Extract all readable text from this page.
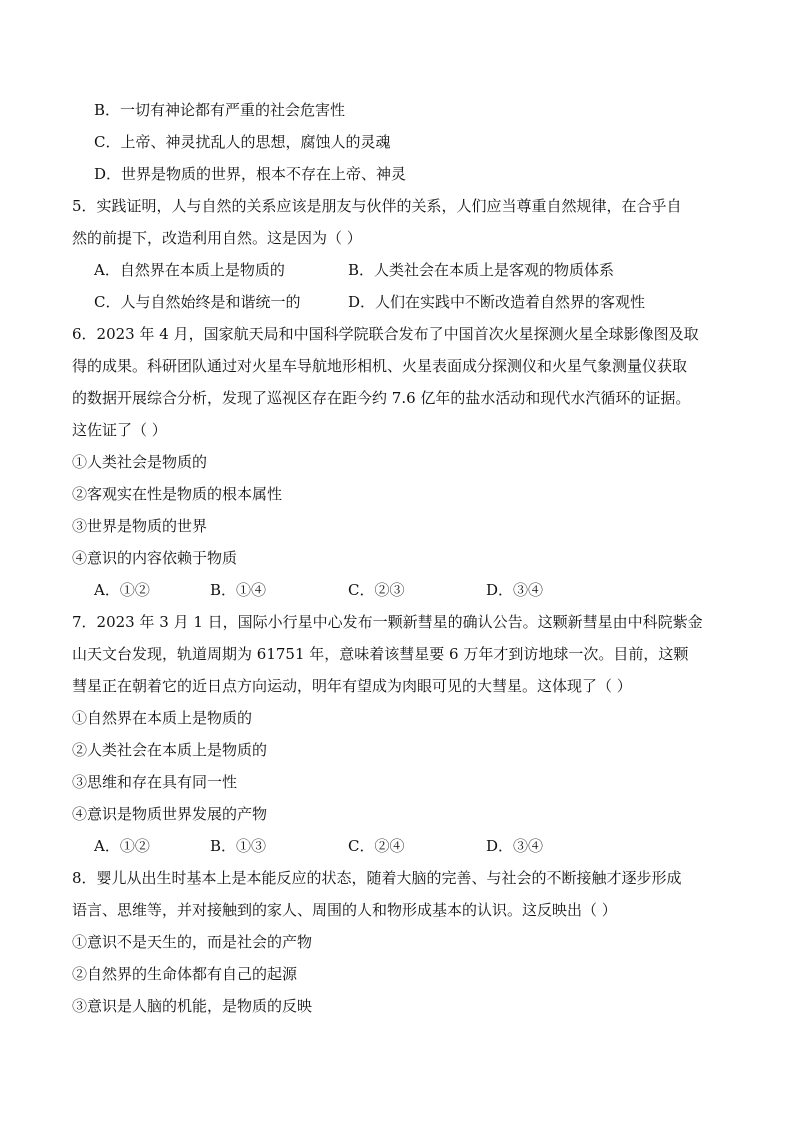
B．一切有神论都有严重的社会危害性
C．上帝、神灵扰乱人的思想，腐蚀人的灵魂
D．世界是物质的世界，根本不存在上帝、神灵
5．实践证明，人与自然的关系应该是朋友与伙伴的关系，人们应当尊重自然规律，在合乎自
然的前提下，改造利用自然。这是因为（ ）
A．自然界在本质上是物质的	B．人类社会在本质上是客观的物质体系
C．人与自然始终是和谐统一的	D．人们在实践中不断改造着自然界的客观性
6．2023 年 4 月，国家航天局和中国科学院联合发布了中国首次火星探测火星全球影像图及取
得的成果。科研团队通过对火星车导航地形相机、火星表面成分探测仪和火星气象测量仪获取
的数据开展综合分析，发现了巡视区存在距今约 7.6 亿年的盐水活动和现代水汽循环的证据。
这佐证了（ ）
①人类社会是物质的
②客观实在性是物质的根本属性
③世界是物质的世界
④意识的内容依赖于物质
A．①②	B．①④	C．②③	D．③④
7．2023 年 3 月 1 日，国际小行星中心发布一颗新彗星的确认公告。这颗新彗星由中科院紫金
山天文台发现，轨道周期为 61751 年，意味着该彗星要 6 万年才到访地球一次。目前，这颗
彗星正在朝着它的近日点方向运动，明年有望成为肉眼可见的大彗星。这体现了（ ）
①自然界在本质上是物质的
②人类社会在本质上是物质的
③思维和存在具有同一性
④意识是物质世界发展的产物
A．①②	B．①③	C．②④	D．③④
8．婴儿从出生时基本上是本能反应的状态，随着大脑的完善、与社会的不断接触才逐步形成
语言、思维等，并对接触到的家人、周围的人和物形成基本的认识。这反映出（ ）
①意识不是天生的，而是社会的产物
②自然界的生命体都有自己的起源
③意识是人脑的机能，是物质的反映
